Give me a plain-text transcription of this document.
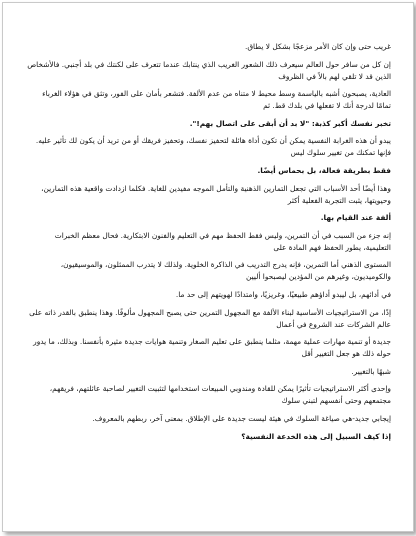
غريب حتى وإن كان الأمر مزعجًا بشكل لا يطاق.

إن كل من سافر حول العالم سيعرف ذلك الشعور الغريب الذي ينتابك عندما تتعرف على لكنتك في بلد أجنبي. فالأشخاص الذين قد لا تلقي لهم بالاً في الظروف

العادية، يصبحون أشبه بالياسمة وسط محيط لا متناه من عدم الألفة. فتشعر بأمان على الفور، وتثق في هؤلاء الغرباء تمامًا لدرجة أنك لا تفعلها في بلدك قط. ثم

تخبر نفسك أكبر كذبة: "لا بد أن أبقى على اتصال بهم!".

يبدو أن هذه الغرابة النفسية يمكن أن تكون أداة هائلة لتحفيز نفسك، وتحفيز فريقك أو من تريد أن يكون لك تأثير عليه. فإنها تمكنك من تغيير سلوك ليس

فقط بطريقة فعالة، بل بحماس أيضًا.

وهذا أيضًا أحد الأسباب التي تجعل التمارين الذهنية والتأمل الموجه مفيدين للغاية. فكلما ازدادت واقعية هذه التمارين، وحيويتها، يثبت التجربة الفعلية أكثر

ألفة عند القيام بها.

إنه جزء من السبب في أن التمرين، وليس فقط الحفظ مهم في التعليم والفنون الابتكارية. فحال معظم الخبرات التعليمية، يطور الحفظ فهم المادة على

المستوى الذهني أما التمرين، فإنه يدرج التدريب في الذاكرة الخلوية. ولذلك لا يتدرب الممثلون، والموسيقيون، والكوميديون، وغيرهم من المؤدين ليصبحوا أليين

في أدائهم، بل ليبدو أداؤهم طبيعيًا، وغريزيًا، وامتدادًا لهويتهم إلى حد ما.

إذًا، من الاستراتيجيات الأساسية لبناء الألفة مع المجهول التمرين حتى يصبح المجهول مألوفًا. وهذا ينطبق بالقدر ذاته على عالم الشركات عند الشروع في أعمال

جديدة أو تنمية مهارات عملية مهمة، مثلما ينطبق على تعليم الصغار وتنمية هوايات جديدة مثيرة بأنفسنا. وبذلك، ما يدور حوله ذلك هو جعل التغيير أقل

شبهًا بالتغيير.

وإحدى أكثر الاستراتيجيات تأثيرًا يمكن للقادة ومندوبي المبيعات استخدامها لتثبيت التغيير لصاحبة عائلتهم، فريقهم، مجتمعهم وحتى أنفسهم لتبني سلوك

إيجابي جديد-هي صياغة السلوك في هيئة ليست جديدة على الإطلاق. بمعنى آخر، ربطهم بالمعروف.

إذا كيف السبيل إلى هذه الخدعة النفسية؟
